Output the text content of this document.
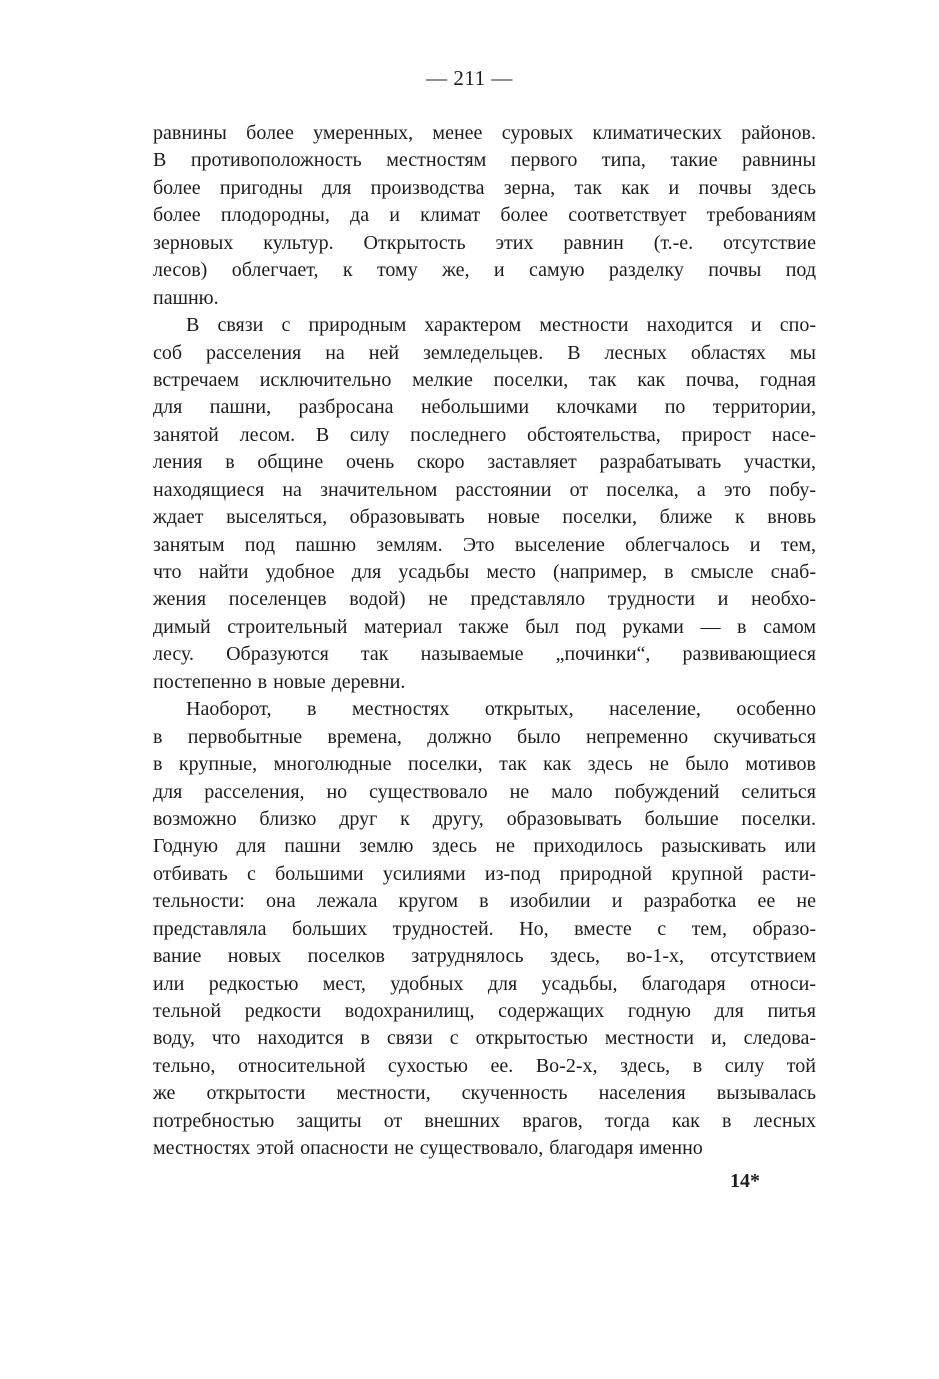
— 211 —
равнины более умеренных, менее суровых климатических районов.
В противоположность местностям первого типа, такие равнины
более пригодны для производства зерна, так как и почвы здесь
более плодородны, да и климат более соответствует требованиям
зерновых культур. Открытость этих равнин (т.-е. отсутствие
лесов) облегчает, к тому же, и самую разделку почвы под
пашню.
В связи с природным характером местности находится и спо-
соб расселения на ней земледельцев. В лесных областях мы
встречаем исключительно мелкие поселки, так как почва, годная
для пашни, разбросана небольшими клочками по территории,
занятой лесом. В силу последнего обстоятельства, прирост насе-
ления в общине очень скоро заставляет разрабатывать участки,
находящиеся на значительном расстоянии от поселка, а это побу-
ждает выселяться, образовывать новые поселки, ближе к вновь
занятым под пашню землям. Это выселение облегчалось и тем,
что найти удобное для усадьбы место (например, в смысле снаб-
жения поселенцев водой) не представляло трудности и необхо-
димый строительный материал также был под руками — в самом
лесу. Образуются так называемые „починки“, развивающиеся
постепенно в новые деревни.
Наоборот, в местностях открытых, население, особенно
в первобытные времена, должно было непременно скучиваться
в крупные, многолюдные поселки, так как здесь не было мотивов
для расселения, но существовало не мало побуждений селиться
возможно близко друг к другу, образовывать большие поселки.
Годную для пашни землю здесь не приходилось разыскивать или
отбивать с большими усилиями из-под природной крупной расти-
тельности: она лежала кругом в изобилии и разработка ее не
представляла больших трудностей. Но, вместе с тем, образо-
вание новых поселков затруднялось здесь, во-1-х, отсутствием
или редкостью мест, удобных для усадьбы, благодаря относи-
тельной редкости водохранилищ, содержащих годную для питья
воду, что находится в связи с открытостью местности и, следова-
тельно, относительной сухостью ее. Во-2-х, здесь, в силу той
же открытости местности, скученность населения вызывалась
потребностью защиты от внешних врагов, тогда как в лесных
местностях этой опасности не существовало, благодаря именно
14*
